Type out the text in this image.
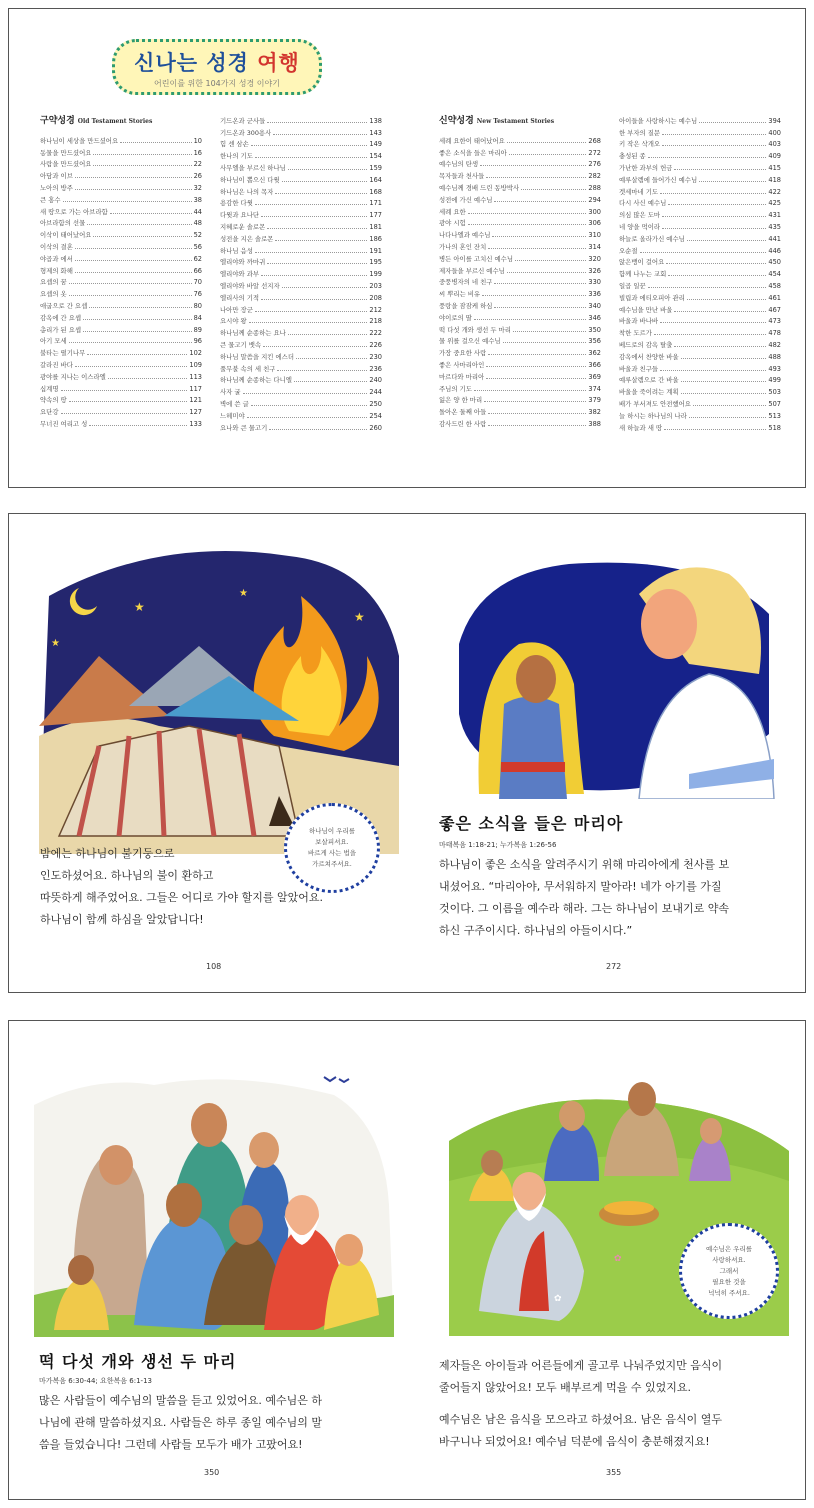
신나는 성경 여행
어린이를 위한 104가지 성경 이야기
구약성경 Old Testament Stories
하나님이 세상을 만드셨어요	10
동물을 만드셨어요	16
사람을 만드셨어요	22
아담과 이브	26
노아의 방주	32
큰 홍수	38
새 땅으로 가는 아브라함	44
아브라함의 선물	48
이삭이 태어났어요	52
이삭의 결혼	56
야곱과 에서	62
형제의 화해	66
요셉의 꿈	70
요셉의 옷	76
애굽으로 간 요셉	80
감옥에 간 요셉	84
총리가 된 요셉	89
아기 모세	96
불타는 떨기나무	102
갈라진 바다	109
광야를 지나는 이스라엘	113
십계명	117
약속의 땅	121
요단강	127
무너진 여리고 성	133
기드온과 군사들	138
기드온과 300용사	143
힘 센 삼손	149
한나의 기도	154
사무엘을 부르신 하나님	159
하나님이 뽑으신 다윗	164
하나님은 나의 목자	168
용감한 다윗	171
다윗과 요나단	177
지혜로운 솔로몬	181
성전을 지은 솔로몬	186
하나님 음성	191
엘리야와 까마귀	195
엘리야와 과부	199
엘리야와 바알 선지자	203
엘리사의 기적	208
나아만 장군	212
요시야 왕	218
하나님께 순종하는 요나	222
큰 물고기 뱃속	226
하나님 말씀을 지킨 에스더	230
풀무불 속의 세 친구	236
하나님께 순종하는 다니엘	240
사자 굴	244
벽에 쓴 글	250
느헤미야	254
요나와 큰 물고기	260
신약성경 New Testament Stories
세례 요한이 태어났어요	268
좋은 소식을 들은 마리아	272
예수님의 탄생	276
목자들과 천사들	282
예수님께 경배 드린 동방박사	288
성전에 가신 예수님	294
세례 요한	300
광야 시험	306
나다나엘과 예수님	310
가나의 혼인 잔치	314
병든 아이를 고치신 예수님	320
제자들을 부르신 예수님	326
중풍병자의 네 친구	330
씨 뿌리는 비유	336
풍랑을 잠잠케 하심	340
야이로의 딸	346
떡 다섯 개와 생선 두 마리	350
물 위를 걸으신 예수님	356
가장 중요한 사람	362
좋은 사마리아인	366
마르다와 마리아	369
주님의 기도	374
잃은 양 한 마리	379
돌아온 둘째 아들	382
감사드린 한 사람	388
아이들을 사랑하시는 예수님	394
한 부자의 질문	400
키 작은 삭개오	403
충성된 종	409
가난한 과부의 헌금	415
예루살렘에 들어가신 예수님	418
겟세마네 기도	422
다시 사신 예수님	425
의심 많은 도마	431
네 양을 먹이라	435
하늘로 올라가신 예수님	441
오순절	446
앉은뱅이 걸어요	450
함께 나누는 교회	454
일곱 일꾼	458
빌립과 에티오피아 관리	461
예수님을 만난 바울	467
바울과 바나바	473
착한 도르가	478
베드로의 감옥 탈출	482
감옥에서 찬양한 바울	488
바울과 친구들	493
예루살렘으로 간 바울	499
바울을 죽이려는 계획	503
배가 부서져도 안전했어요	507
늘 하시는 하나님의 나라	513
새 하늘과 새 땅	518
★
★
★
★
하나님이 우리를
보살피셔요.
바르게 사는 법을
가르쳐주셔요.
밤에는 하나님이 불기둥으로
인도하셨어요. 하나님의 불이 환하고
따뜻하게 해주었어요. 그들은 어디로 가야 할지를 알았어요.
하나님이 함께 하심을 알았답니다!
108
좋은 소식을 들은 마리아
마태복음 1:18-21; 누가복음 1:26-56
하나님이 좋은 소식을 알려주시기 위해 마리아에게 천사를 보
내셨어요. “마리아야, 무서워하지 말아라! 네가 아기를 가질
것이다. 그 이름을 예수라 해라. 그는 하나님이 보내기로 약속
하신 구주이시다. 하나님의 아들이시다.”
272
떡 다섯 개와 생선 두 마리
마가복음 6:30-44; 요한복음 6:1-13
많은 사람들이 예수님의 말씀을 듣고 있었어요. 예수님은 하
나님에 관해 말씀하셨지요. 사람들은 하루 종일 예수님의 말
씀을 들었습니다! 그런데 사람들 모두가 배가 고팠어요!
350
✿
✿
예수님은 우리를
사랑하셔요.
그래서
필요한 것을
넉넉히 주셔요.
제자들은 아이들과 어른들에게 골고루 나눠주었지만 음식이
줄어들지 않았어요! 모두 배부르게 먹을 수 있었지요.
예수님은 남은 음식을 모으라고 하셨어요. 남은 음식이 열두
바구니나 되었어요! 예수님 덕분에 음식이 충분해졌지요!
355
